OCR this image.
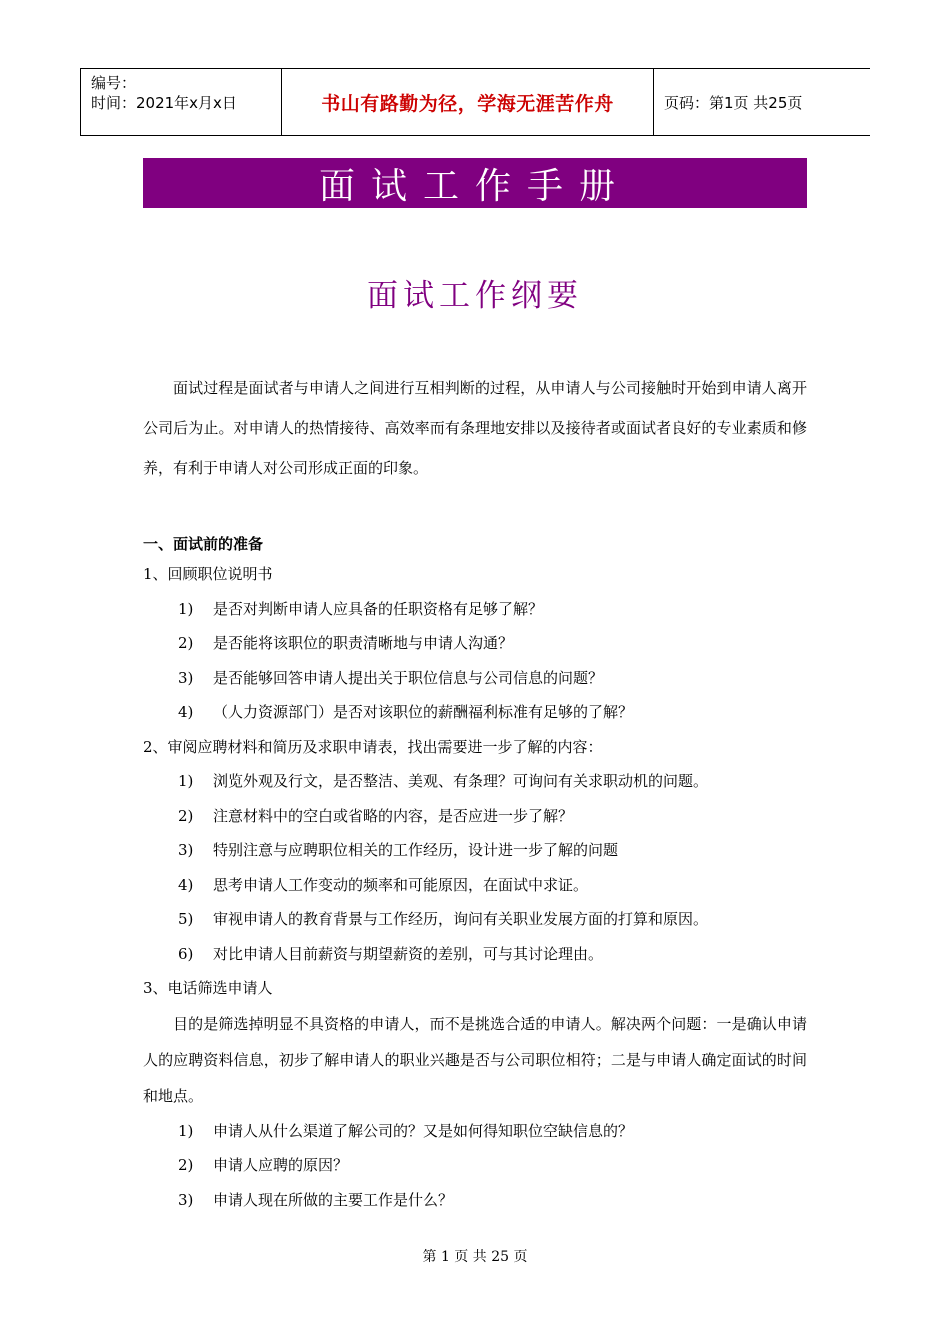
编号：
时间：2021年x月x日	书山有路勤为径，学海无涯苦作舟	页码：第1页 共25页
面试工作手册
面试工作纲要

面试过程是面试者与申请人之间进行互相判断的过程，从申请人与公司接触时开始到申请人离开公司后为止。对申请人的热情接待、高效率而有条理地安排以及接待者或面试者良好的专业素质和修养，有利于申请人对公司形成正面的印象。

一、面试前的准备

1、回顾职位说明书

1)	是否对判断申请人应具备的任职资格有足够了解？

2)	是否能将该职位的职责清晰地与申请人沟通？

3)	是否能够回答申请人提出关于职位信息与公司信息的问题？

4)	（人力资源部门）是否对该职位的薪酬福利标准有足够的了解？

2、审阅应聘材料和简历及求职申请表，找出需要进一步了解的内容：

1)	浏览外观及行文，是否整洁、美观、有条理？可询问有关求职动机的问题。

2)	注意材料中的空白或省略的内容，是否应进一步了解？

3)	特别注意与应聘职位相关的工作经历，设计进一步了解的问题

4)	思考申请人工作变动的频率和可能原因，在面试中求证。

5)	审视申请人的教育背景与工作经历，询问有关职业发展方面的打算和原因。

6)	对比申请人目前薪资与期望薪资的差别，可与其讨论理由。

3、电话筛选申请人

目的是筛选掉明显不具资格的申请人，而不是挑选合适的申请人。解决两个问题：一是确认申请人的应聘资料信息，初步了解申请人的职业兴趣是否与公司职位相符；二是与申请人确定面试的时间和地点。

1)	申请人从什么渠道了解公司的？又是如何得知职位空缺信息的？

2)	申请人应聘的原因？

3)	申请人现在所做的主要工作是什么？

第 1 页 共 25 页
